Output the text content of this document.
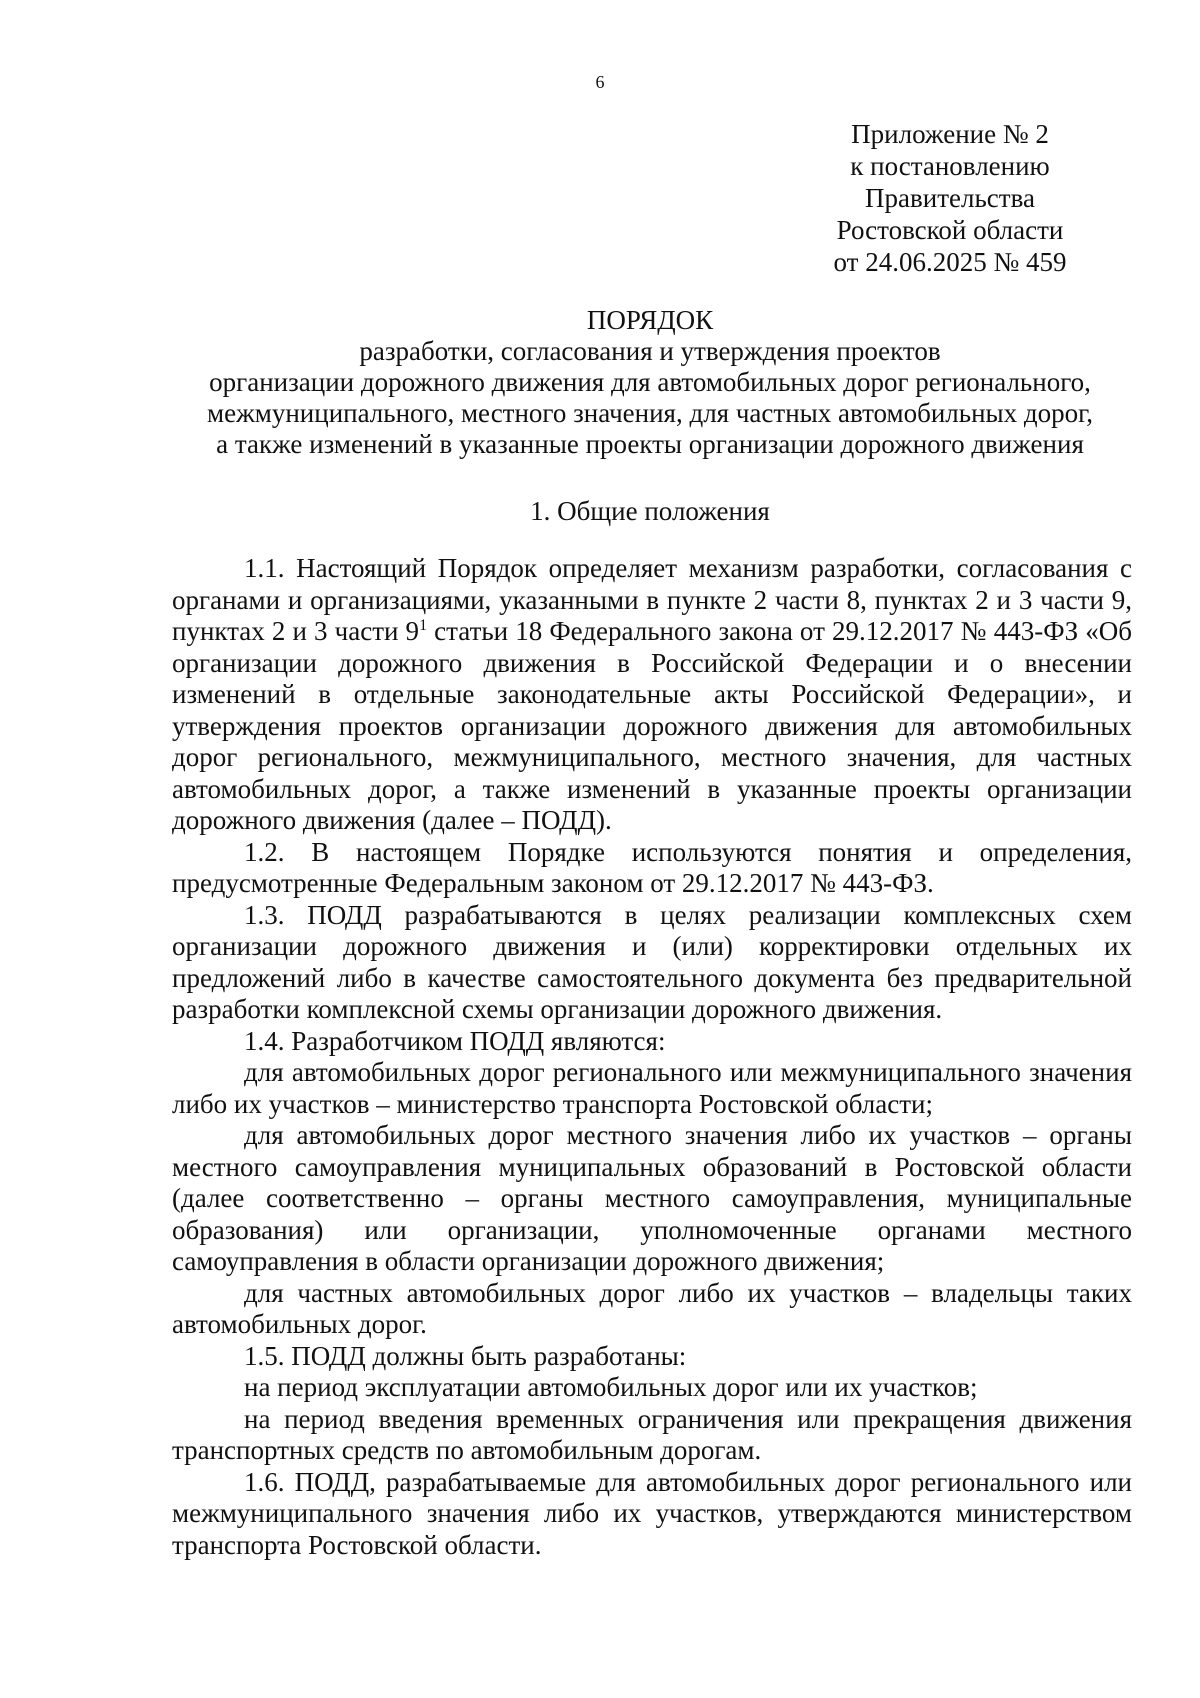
6
Приложение № 2
к постановлению
Правительства
Ростовской области
от 24.06.2025 № 459
ПОРЯДОК
разработки, согласования и утверждения проектов
организации дорожного движения для автомобильных дорог регионального,
межмуниципального, местного значения, для частных автомобильных дорог,
а также изменений в указанные проекты организации дорожного движения
1. Общие положения

1.1. Настоящий Порядок определяет механизм разработки, согласования с органами и организациями, указанными в пункте 2 части 8, пунктах 2 и 3 части 9, пунктах 2 и 3 части $9^1$ статьи 18 Федерального закона от 29.12.2017 № 443-ФЗ «Об организации дорожного движения в Российской Федерации и о внесении изменений в отдельные законодательные акты Российской Федерации», и утверждения проектов организации дорожного движения для автомобильных дорог регионального, межмуниципального, местного значения, для частных автомобильных дорог, а также изменений в указанные проекты организации дорожного движения (далее – ПОДД).

1.2. В настоящем Порядке используются понятия и определения, предусмотренные Федеральным законом от 29.12.2017 № 443-ФЗ.

1.3. ПОДД разрабатываются в целях реализации комплексных схем организации дорожного движения и (или) корректировки отдельных их предложений либо в качестве самостоятельного документа без предварительной разработки комплексной схемы организации дорожного движения.

1.4. Разработчиком ПОДД являются:

для автомобильных дорог регионального или межмуниципального значения либо их участков – министерство транспорта Ростовской области;

для автомобильных дорог местного значения либо их участков – органы местного самоуправления муниципальных образований в Ростовской области (далее соответственно – органы местного самоуправления, муниципальные образования) или организации, уполномоченные органами местного самоуправления в области организации дорожного движения;

для частных автомобильных дорог либо их участков – владельцы таких автомобильных дорог.

1.5. ПОДД должны быть разработаны:

на период эксплуатации автомобильных дорог или их участков;

на период введения временных ограничения или прекращения движения транспортных средств по автомобильным дорогам.

1.6. ПОДД, разрабатываемые для автомобильных дорог регионального или межмуниципального значения либо их участков, утверждаются министерством транспорта Ростовской области.
